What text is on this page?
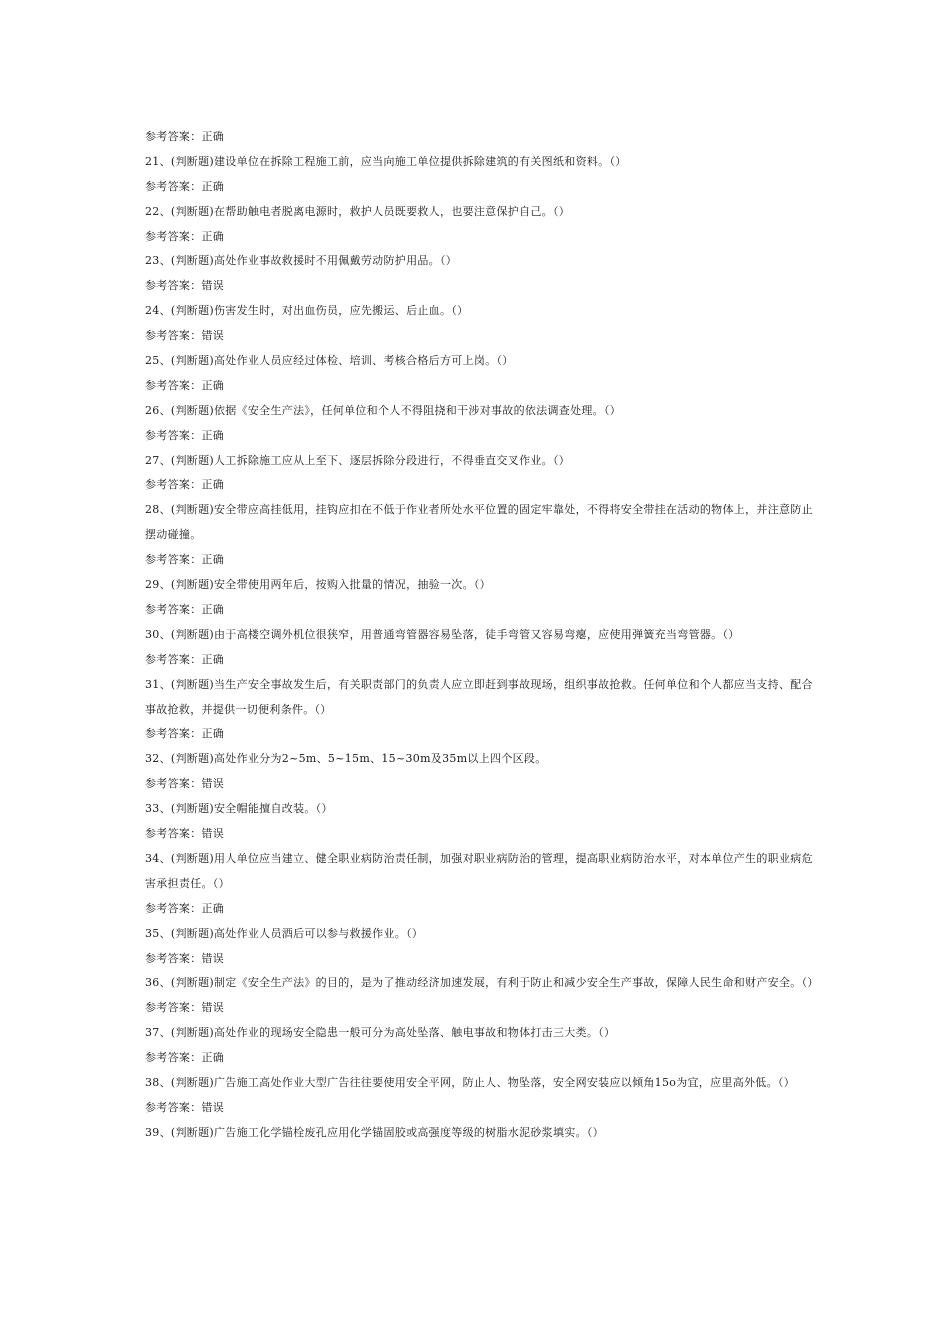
参考答案：正确
21、(判断题)建设单位在拆除工程施工前，应当向施工单位提供拆除建筑的有关图纸和资料。（）
参考答案：正确
22、(判断题)在帮助触电者脱离电源时，救护人员既要救人，也要注意保护自己。（）
参考答案：正确
23、(判断题)高处作业事故救援时不用佩戴劳动防护用品。（）
参考答案：错误
24、(判断题)伤害发生时，对出血伤员，应先搬运、后止血。（）
参考答案：错误
25、(判断题)高处作业人员应经过体检、培训、考核合格后方可上岗。（）
参考答案：正确
26、(判断题)依据《安全生产法》，任何单位和个人不得阻挠和干涉对事故的依法调查处理。（）
参考答案：正确
27、(判断题)人工拆除施工应从上至下、逐层拆除分段进行，不得垂直交叉作业。（）
参考答案：正确
28、(判断题)安全带应高挂低用，挂钩应扣在不低于作业者所处水平位置的固定牢靠处，不得将安全带挂在活动的物体上，并注意防止摆动碰撞。
参考答案：正确
29、(判断题)安全带使用两年后，按购入批量的情况，抽验一次。（）
参考答案：正确
30、(判断题)由于高楼空调外机位很狭窄，用普通弯管器容易坠落，徒手弯管又容易弯瘪，应使用弹簧充当弯管器。（）
参考答案：正确
31、(判断题)当生产安全事故发生后，有关职责部门的负责人应立即赶到事故现场，组织事故抢救。任何单位和个人都应当支持、配合事故抢救，并提供一切便利条件。（）
参考答案：正确
32、(判断题)高处作业分为2~5m、5~15m、15~30m及35m以上四个区段。
参考答案：错误
33、(判断题)安全帽能擅自改装。（）
参考答案：错误
34、(判断题)用人单位应当建立、健全职业病防治责任制，加强对职业病防治的管理，提高职业病防治水平，对本单位产生的职业病危害承担责任。（）
参考答案：正确
35、(判断题)高处作业人员酒后可以参与救援作业。（）
参考答案：错误
36、(判断题)制定《安全生产法》的目的，是为了推动经济加速发展，有利于防止和减少安全生产事故，保障人民生命和财产安全。（）
参考答案：错误
37、(判断题)高处作业的现场安全隐患一般可分为高处坠落、触电事故和物体打击三大类。（）
参考答案：正确
38、(判断题)广告施工高处作业大型广告往往要使用安全平网，防止人、物坠落，安全网安装应以倾角15o为宜，应里高外低。（）
参考答案：错误
39、(判断题)广告施工化学锚栓废孔应用化学锚固胶或高强度等级的树脂水泥砂浆填实。（）
